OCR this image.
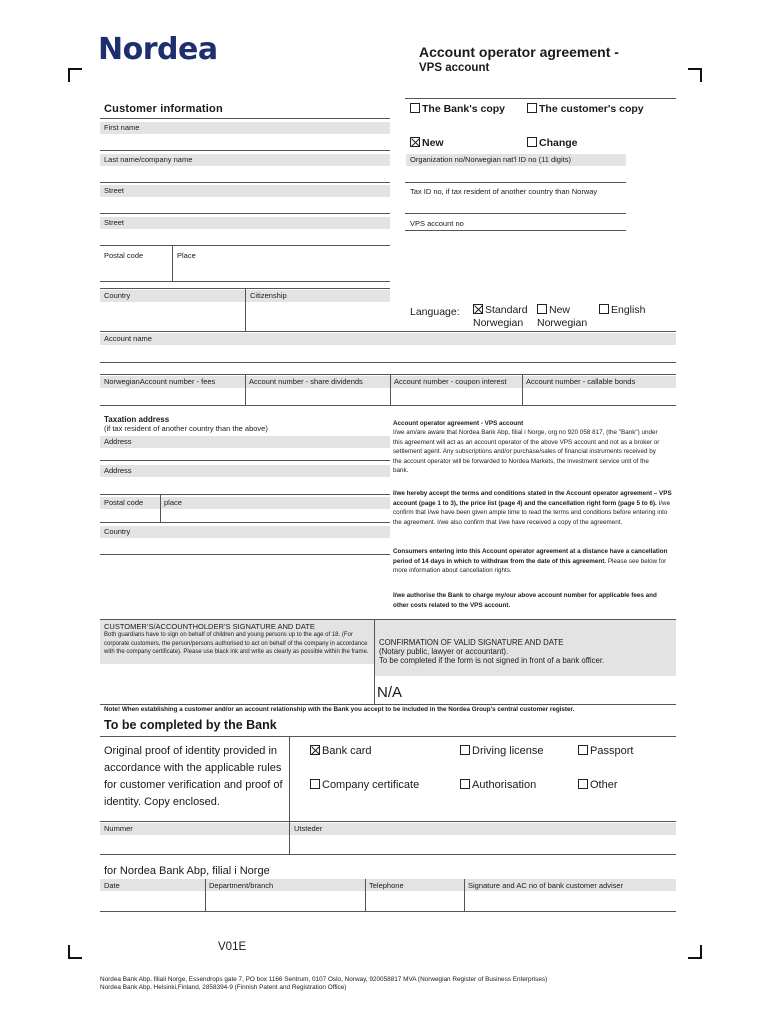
Nordea	Account operator agreement -
VPS account
Customer information	The Bank's copy	The customer's copy
New	Change
First name
Last name/company name
Street
Street
Postal code	Place
Country	Citizenship
Account name
Organization no/Norwegian nat'l ID no (11 digits)
Tax ID no, if tax resident of another country than Norway
VPS account no
Language:	Standard
Norwegian
New
Norwegian
English
NorwegianAccount number - fees	Account number - share dividends	Account number - coupon interest	Account number - callable bonds
Taxation address
(if tax resident of another country than the above)
Address
Address
Postal code	place
Country
Account operator agreement - VPS account
I/we am/are aware that Nordea Bank Abp, filial i Norge, org no 920 058 817, (the "Bank") under this agreement will act as an account operator of the above VPS account and not as a broker or settlement agent. Any subscriptions and/or purchase/sales of financial instruments received by the account operator will be forwarded to Nordea Markets, the investment service unit of the bank.
I/we hereby accept the terms and conditions stated in the Account operator agreement – VPS account (page 1 to 3), the price list (page 4) and the cancellation right form (page 5 to 6). I/we confirm that I/we have been given ample time to read the terms and conditions before entering into the agreement. I/we also confirm that I/we have received a copy of the agreement.
Consumers entering into this Account operator agreement at a distance have a cancellation period of 14 days in which to withdraw from the date of this agreement. Please see below for more information about cancellation rights.
I/we authorise the Bank to charge my/our above account number for applicable fees and other costs related to the VPS account.
CUSTOMER’S/ACCOUNTHOLDER’S SIGNATURE AND DATE
Both guardians have to sign on behalf of children and young persons up to the age of 18. (For corporate customers, the person/persons authorised to act on behalf of the company in accordance with the company certificate). Please use black ink and write as clearly as possible within the frame.
CONFIRMATION OF VALID SIGNATURE AND DATE
(Notary public, lawyer or accountant).
To be completed if the form is not signed in front of a bank officer.
N/A
Note! When establishing a customer and/or an account relationship with the Bank you accept to be included in the Nordea Group’s central customer register.
To be completed by the Bank
Original proof of identity provided in
accordance with the applicable rules
for customer verification and proof of
identity. Copy enclosed.
Bank card	Driving license	Passport
Company certificate	Authorisation	Other
Nummer	Utsteder
for Nordea Bank Abp, filial i Norge
Date	Department/branch	Telephone	Signature and AC no of bank customer adviser
V01E
Nordea Bank Abp, filiali Norge, Essendrops gate 7, PO box 1166 Sentrum, 0107 Oslo, Norway, 920058817 MVA (Norwegian Register of Business Enterprises)
Nordea Bank Abp, Helsinki,Finland, 2858394-9 (Finnish Patent and Registration Office)
